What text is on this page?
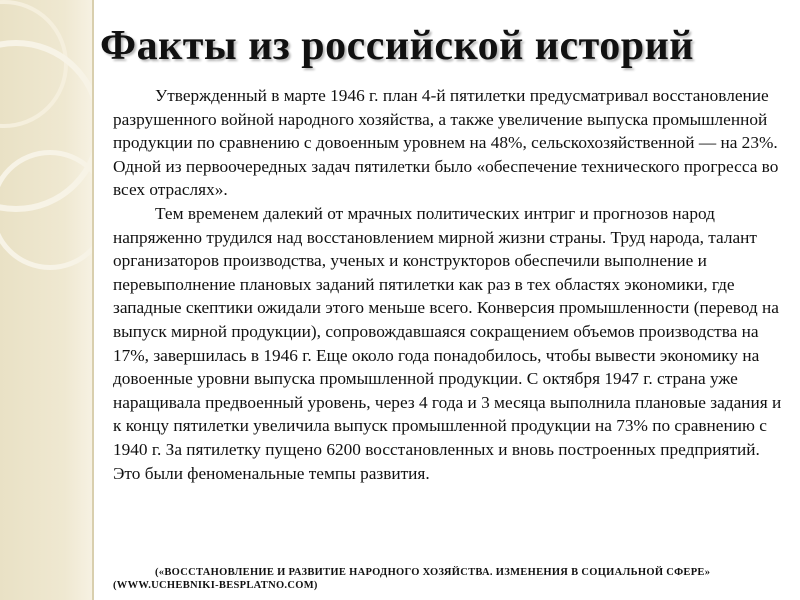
Факты из российской историй

Утвержденный в марте 1946 г. план 4-й пятилетки предусматривал восстановление разрушенного войной народного хозяйства, а также увеличение выпуска промышленной продукции по сравнению с довоенным уровнем на 48%, сельскохозяйственной — на 23%. Одной из первоочередных задач пятилетки было «обеспечение технического прогресса во всех отраслях».

Тем временем далекий от мрачных политических интриг и прогнозов народ напряженно трудился над восстановлением мирной жизни страны. Труд народа, талант организаторов производства, ученых и конструкторов обеспечили выполнение и перевыполнение плановых заданий пятилетки как раз в тех областях экономики, где западные скептики ожидали этого меньше всего. Конверсия промышленности (перевод на выпуск мирной продукции), сопровождавшаяся сокращением объемов производства на 17%, завершилась в 1946 г. Еще около года понадобилось, чтобы вывести экономику на довоенные уровни выпуска промышленной продукции. С октября 1947 г. страна уже наращивала предвоенный уровень, через 4 года и 3 месяца выполнила плановые задания и к концу пятилетки увеличила выпуск промышленной продукции на 73% по сравнению с 1940 г. За пятилетку пущено 6200 восстановленных и вновь построенных предприятий. Это были феноменальные темпы развития.

(«ВОССТАНОВЛЕНИЕ И РАЗВИТИЕ НАРОДНОГО ХОЗЯЙСТВА. ИЗМЕНЕНИЯ В СОЦИАЛЬНОЙ СФЕРЕ»
(WWW.UCHEBNIKI-BESPLATNO.COM)
